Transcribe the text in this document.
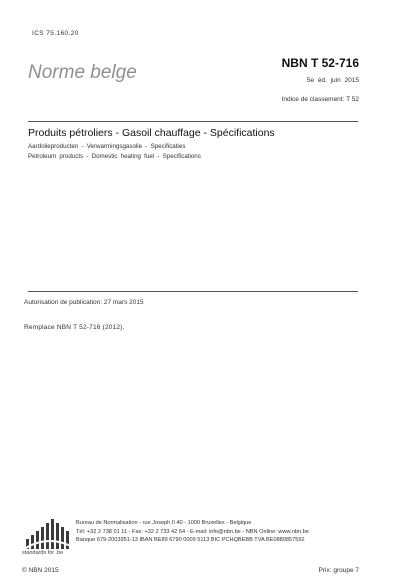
ICS 75.160.20
Norme belge	NBN T 52-716
5e éd. juin 2015
Indice de classement: T 52
Produits pétroliers - Gasoil chauffage - Spécifications
Aardolieproducten - Verwarmingsgasolie - Specificaties
Petroleum products - Domestic heating fuel - Specifications
Autorisation de publication: 27 mars 2015
Remplace NBN T 52-716 (2012).
standards for .be
Bureau de Normalisation - rue Joseph II 40 - 1000 Bruxelles - Belgique
Tél: +32 2 738 01 11 - Fax: +32 2 733 42 64 - E-mail: info@nbn.be - NBN Online: www.nbn.be
Banque 679-2003951-13 IBAN BE89 6790 0009 5113 BIC PCHQBEBB TVA BE0880857592
© NBN 2015	Prix: groupe 7
